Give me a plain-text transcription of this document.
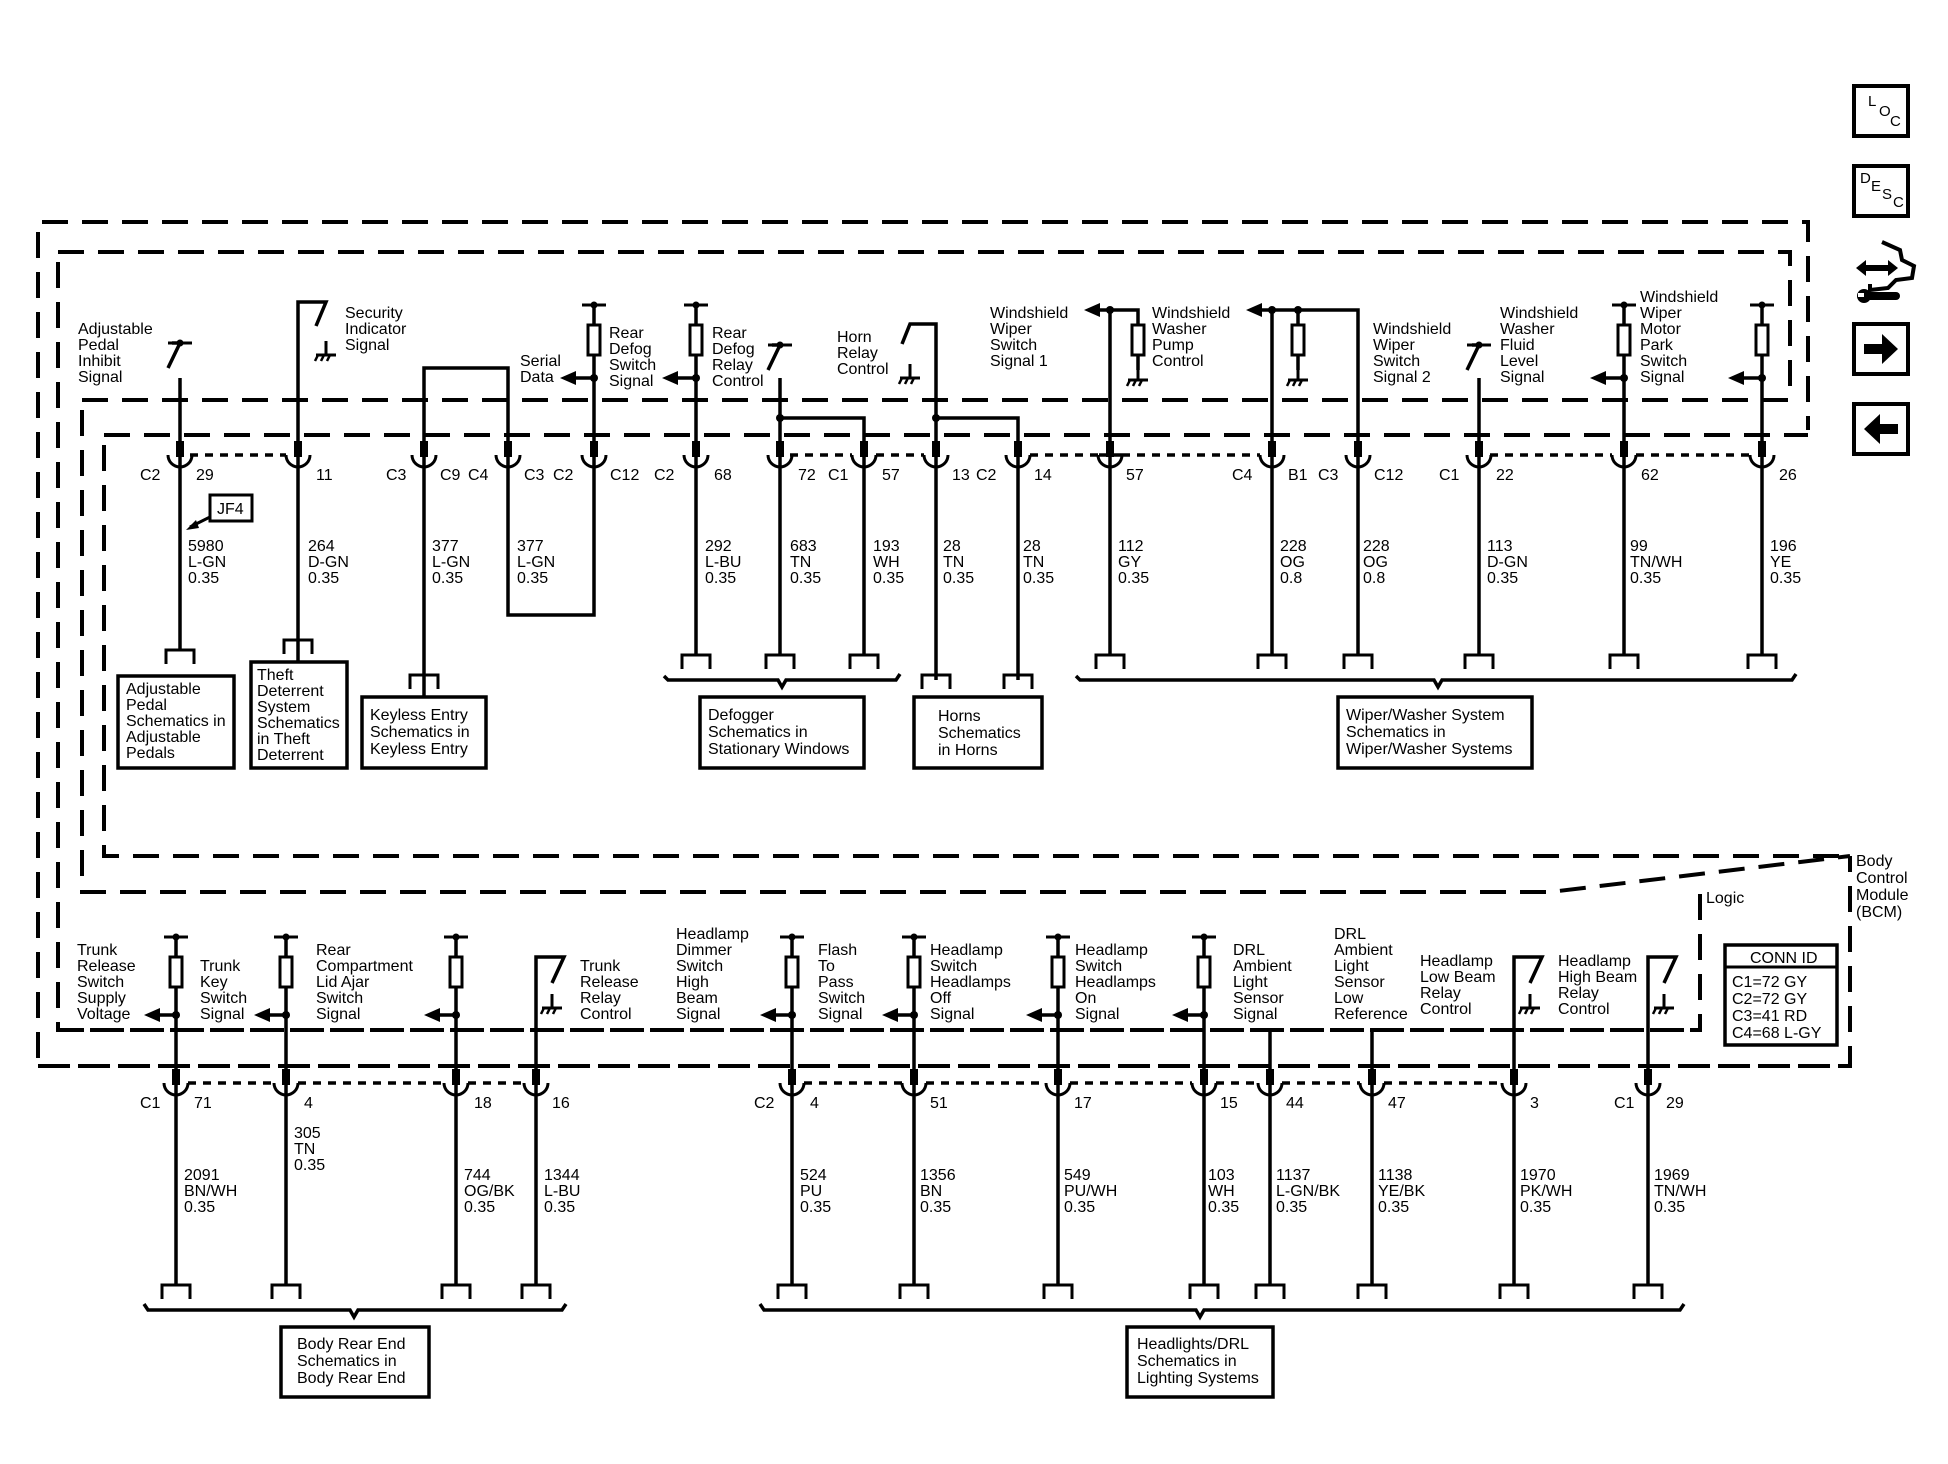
L
O
C
D E S C
Body
Control
Module
(BCM)
Logic
CONN ID
C1=72 GY
C2=72 GY
C3=41 RD
C4=68 L-GY
Adjustable
Pedal
Inhibit
Signal
Security
Indicator
Signal
Serial
Data
Rear
Defog
Switch
Signal
Rear
Defog
Relay
Control
Horn
Relay
Control
Windshield
Wiper
Switch
Signal 1
Windshield
Washer
Pump
Control
Windshield
Wiper
Switch
Signal 2
Windshield
Washer
Fluid
Level
Signal
Windshield
Wiper
Motor
Park
Switch
Signal
C2 29	11	C3 C9 C4 C3 C2 C12 C2 68	72 C1 57	13 C2 14	57	C4 B1 C3 C12 C1 22	62	26
JF4
5980
L-GN
0.35
264
D-GN
0.35
377
L-GN
0.35
377
L-GN
0.35
292
L-BU
0.35
683
TN
0.35
193
WH
0.35
28
TN
0.35
28
TN
0.35
112
GY
0.35
228
OG
0.8
228
OG
0.8
113
D-GN
0.35
99
TN/WH
0.35
196
YE
0.35
Adjustable
Pedal
Schematics in
Adjustable
Pedals
Theft
Deterrent
System
Schematics
in Theft
Deterrent
Keyless Entry
Schematics in
Keyless Entry
Defogger
Schematics in
Stationary Windows
Horns
Schematics
in Horns
Wiper/Washer System
Schematics in
Wiper/Washer Systems
Trunk
Release
Switch
Supply
Voltage
Trunk
Key
Switch
Signal
Rear
Compartment
Lid Ajar
Switch
Signal
Trunk
Release
Relay
Control
Headlamp
Dimmer
Switch
High
Beam
Signal
Flash
To
Pass
Switch
Signal
Headlamp
Switch
Headlamps
Off
Signal
Headlamp
Switch
Headlamps
On
Signal
DRL
Ambient
Light
Sensor
Signal
DRL
Ambient
Light
Sensor
Low
Reference
Headlamp
Low Beam
Relay
Control
Headlamp
High Beam
Relay
Control
C1 71	4	18	16	C2 4	51	17	15	44	47	3	C1 29
2091
BN/WH
0.35
305
TN
0.35
744
OG/BK
0.35
1344
L-BU
0.35
524
PU
0.35
1356
BN
0.35
549
PU/WH
0.35
103
WH
0.35
1137
L-GN/BK
0.35
1138
YE/BK
0.35
1970
PK/WH
0.35
1969
TN/WH
0.35
Body Rear End
Schematics in
Body Rear End
Headlights/DRL
Schematics in
Lighting Systems
